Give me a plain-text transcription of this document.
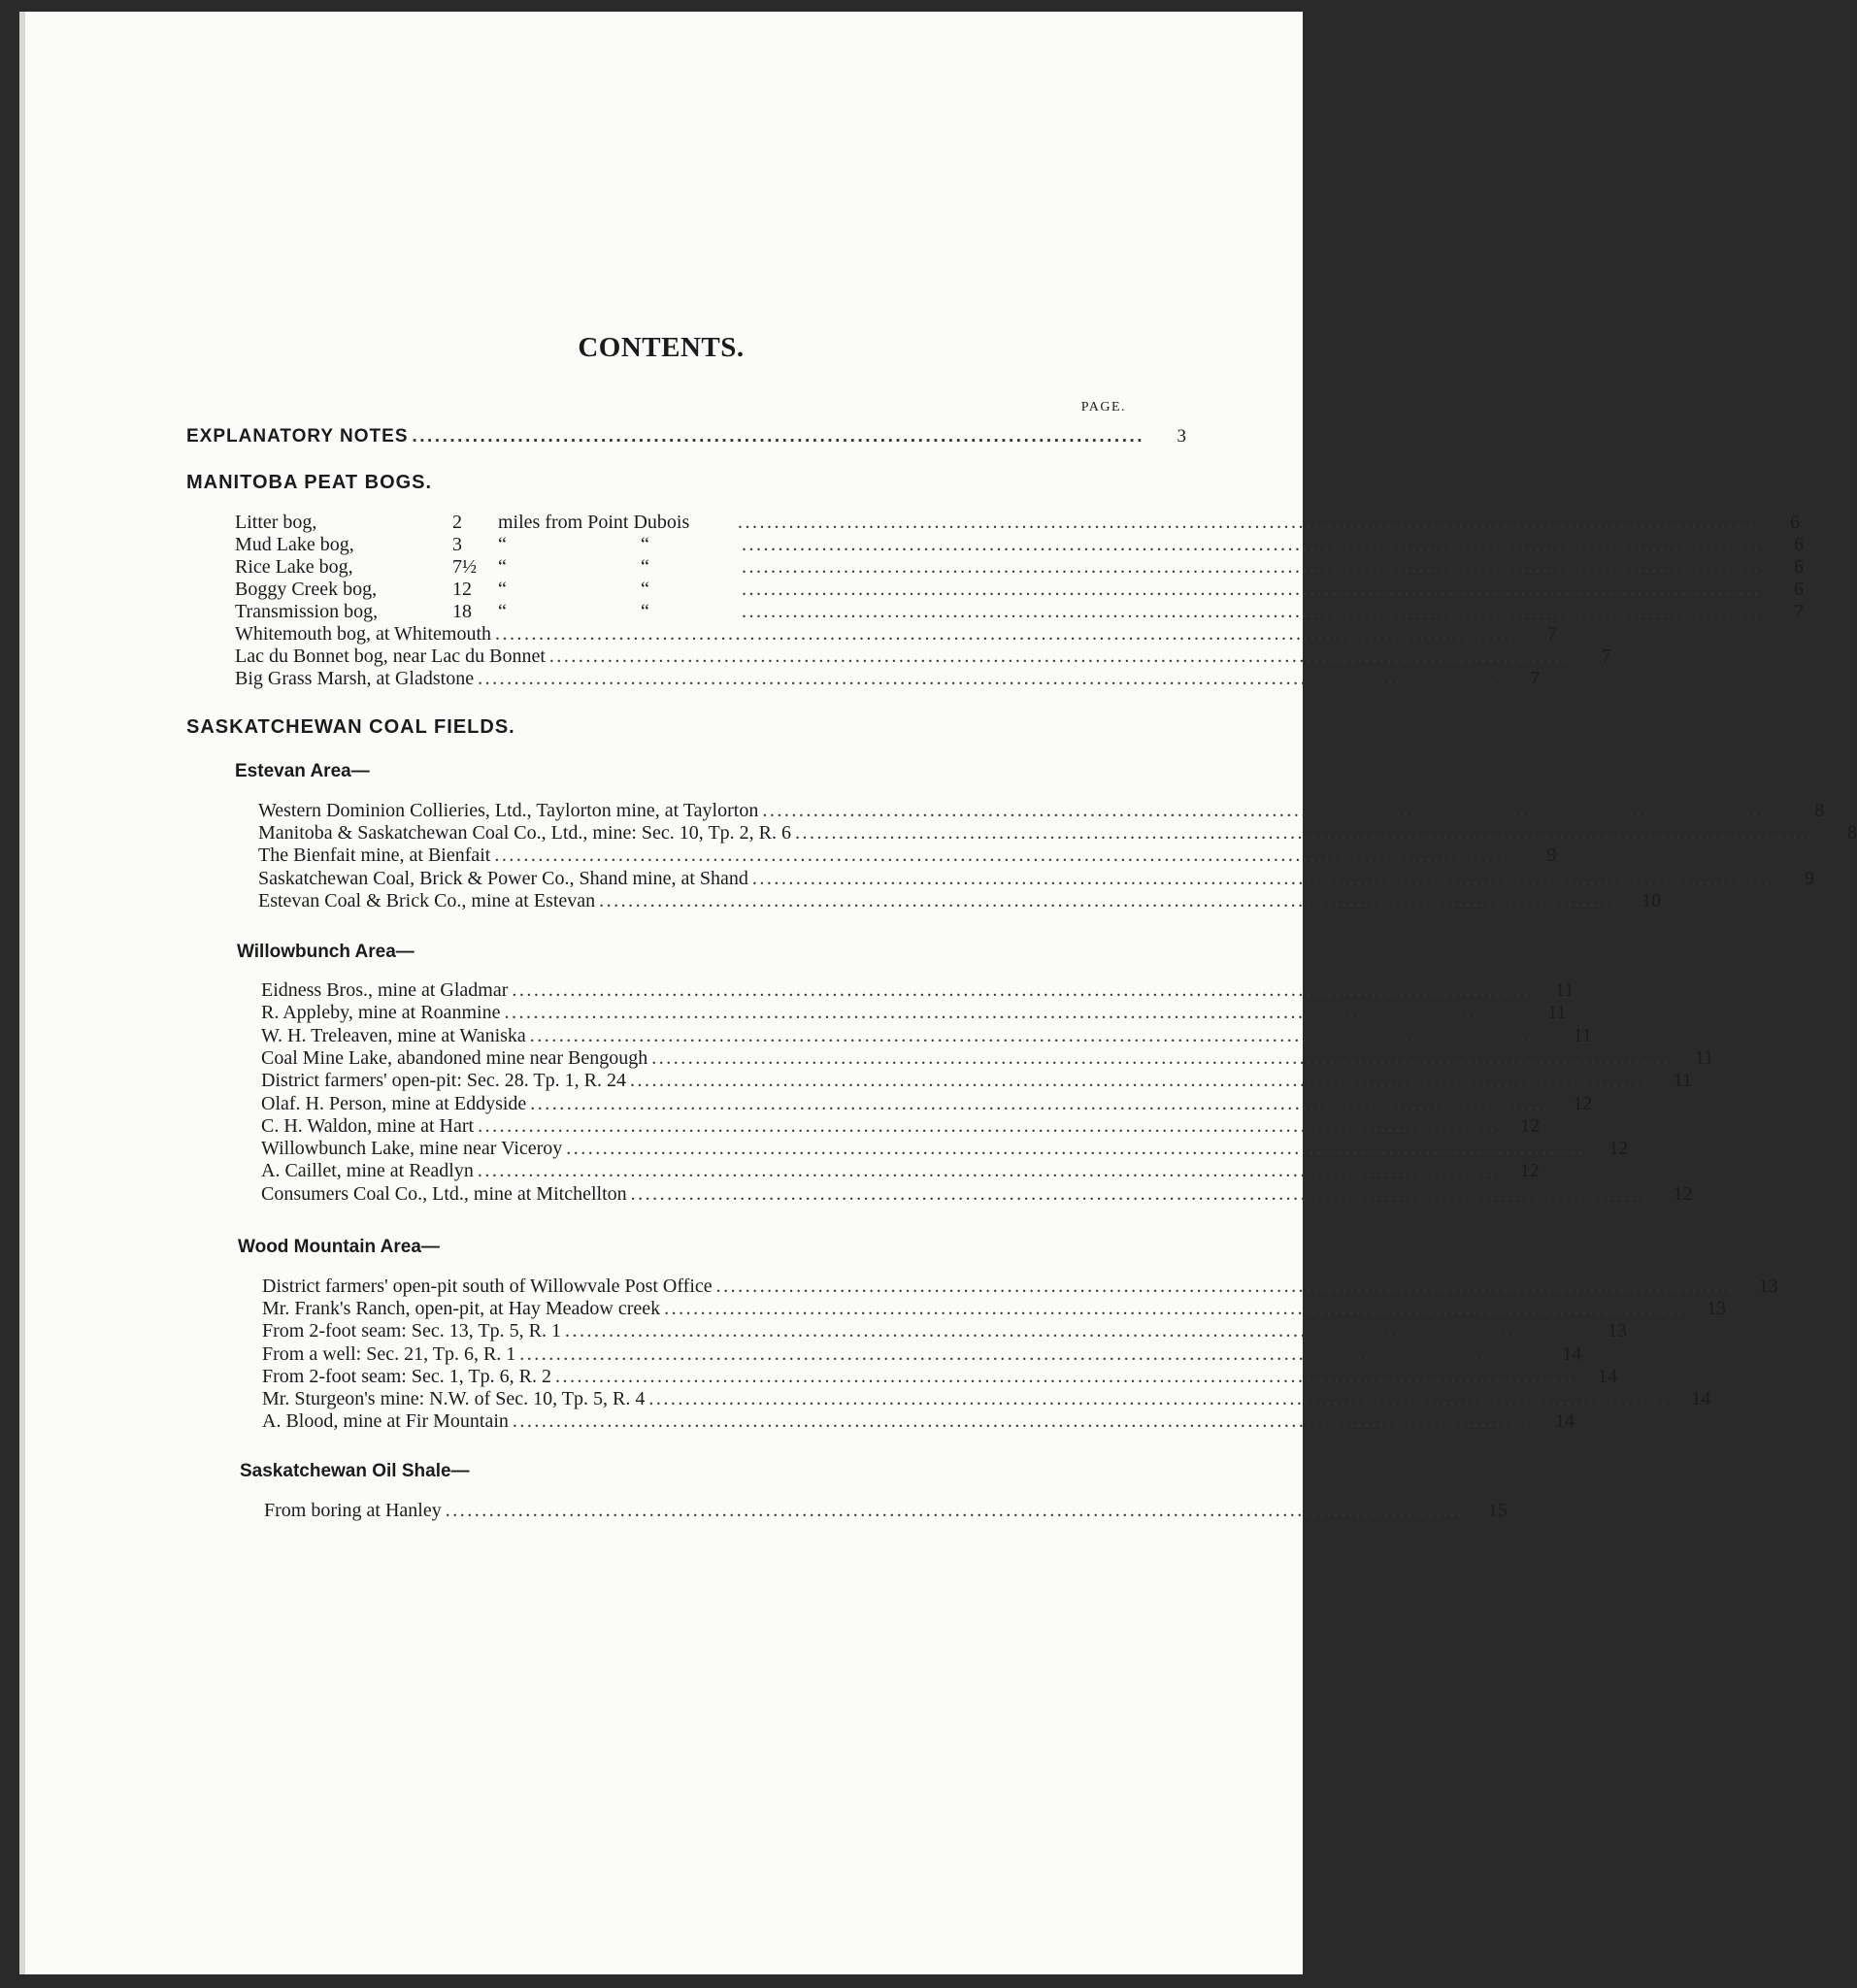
CONTENTS.
PAGE.
EXPLANATORY NOTES .................................................................................................	3
MANITOBA PEAT BOGS.
Litter bog,	2 miles from Point Dubois ............................................................................................................................................	6
Mud Lake bog,	3 “	“	............................................................................................................................................	6
Rice Lake bog,	7½ “	“	............................................................................................................................................	6
Boggy Creek bog,	12 “	“	............................................................................................................................................	6
Transmission bog,	18 “	“	............................................................................................................................................	7
Whitemouth bog, at Whitemouth ............................................................................................................................................	7
Lac du Bonnet bog, near Lac du Bonnet ............................................................................................................................................	7
Big Grass Marsh, at Gladstone ............................................................................................................................................	7
SASKATCHEWAN COAL FIELDS.
Estevan Area—
Western Dominion Collieries, Ltd., Taylorton mine, at Taylorton ............................................................................................................................................	8
Manitoba & Saskatchewan Coal Co., Ltd., mine: Sec. 10, Tp. 2, R. 6 ............................................................................................................................................	8
The Bienfait mine, at Bienfait ............................................................................................................................................	9
Saskatchewan Coal, Brick & Power Co., Shand mine, at Shand ............................................................................................................................................	9
Estevan Coal & Brick Co., mine at Estevan ............................................................................................................................................	10
Willowbunch Area—
Eidness Bros., mine at Gladmar ............................................................................................................................................	11
R. Appleby, mine at Roanmine ............................................................................................................................................	11
W. H. Treleaven, mine at Waniska ............................................................................................................................................	11
Coal Mine Lake, abandoned mine near Bengough ............................................................................................................................................	11
District farmers' open-pit: Sec. 28. Tp. 1, R. 24 ............................................................................................................................................	11
Olaf. H. Person, mine at Eddyside ............................................................................................................................................	12
C. H. Waldon, mine at Hart ............................................................................................................................................	12
Willowbunch Lake, mine near Viceroy ............................................................................................................................................	12
A. Caillet, mine at Readlyn ............................................................................................................................................	12
Consumers Coal Co., Ltd., mine at Mitchellton ............................................................................................................................................	12
Wood Mountain Area—
District farmers' open-pit south of Willowvale Post Office ............................................................................................................................................	13
Mr. Frank's Ranch, open-pit, at Hay Meadow creek ............................................................................................................................................	13
From 2-foot seam: Sec. 13, Tp. 5, R. 1 ............................................................................................................................................	13
From a well: Sec. 21, Tp. 6, R. 1 ............................................................................................................................................	14
From 2-foot seam: Sec. 1, Tp. 6, R. 2 ............................................................................................................................................	14
Mr. Sturgeon's mine: N.W. of Sec. 10, Tp. 5, R. 4 ............................................................................................................................................	14
A. Blood, mine at Fir Mountain ............................................................................................................................................	14
Saskatchewan Oil Shale—
From boring at Hanley ............................................................................................................................................	15
